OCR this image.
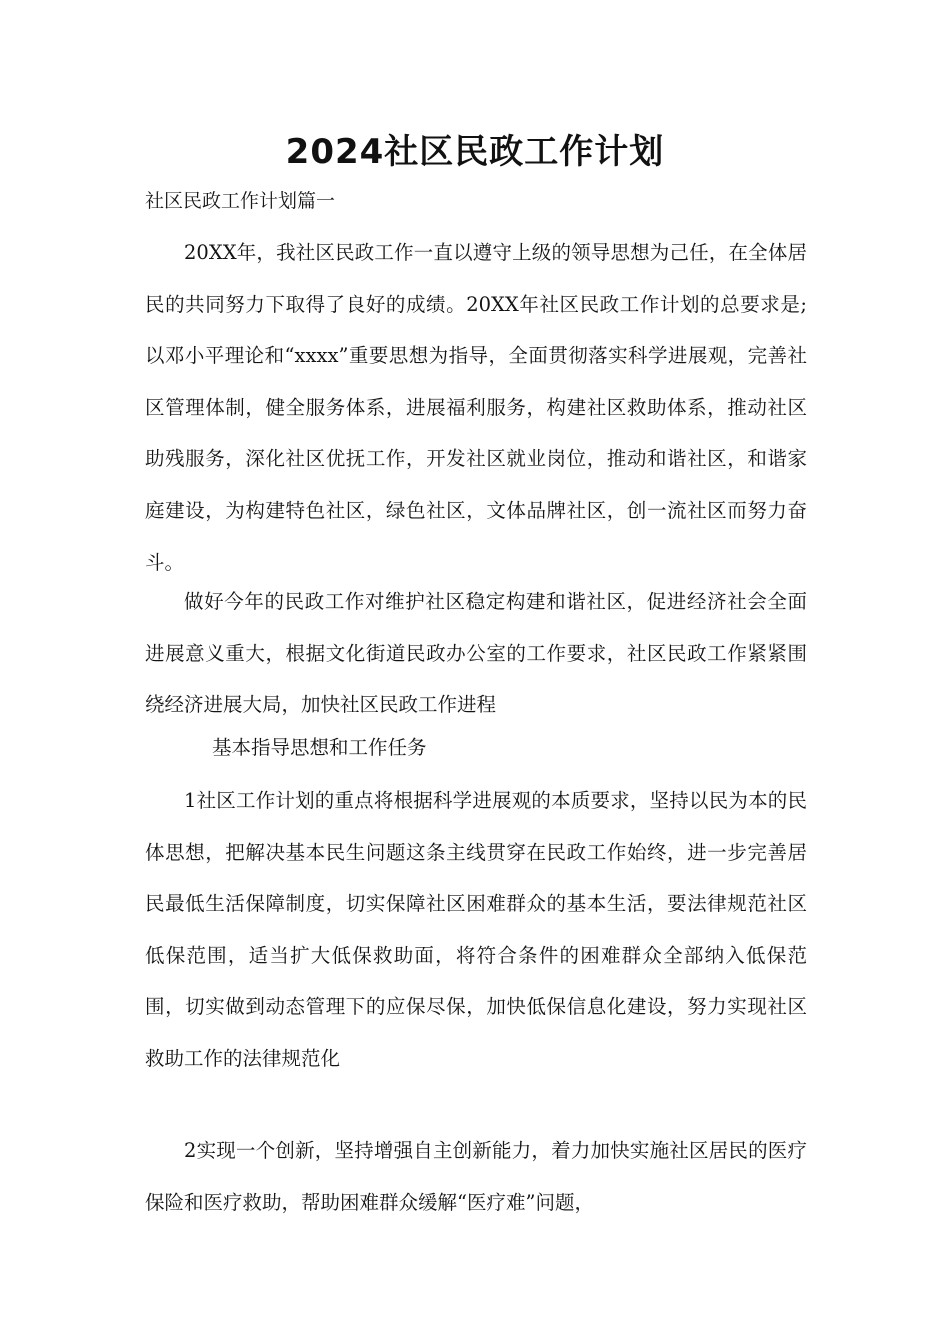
2024社区民政工作计划
社区民政工作计划篇一

20XX年，我社区民政工作一直以遵守上级的领导思想为己任，在全体居民的共同努力下取得了良好的成绩。20XX年社区民政工作计划的总要求是;以邓小平理论和“xxxx”重要思想为指导，全面贯彻落实科学进展观，完善社区管理体制，健全服务体系，进展福利服务，构建社区救助体系，推动社区助残服务，深化社区优抚工作，开发社区就业岗位，推动和谐社区，和谐家庭建设，为构建特色社区，绿色社区，文体品牌社区，创一流社区而努力奋斗。

做好今年的民政工作对维护社区稳定构建和谐社区，促进经济社会全面进展意义重大，根据文化街道民政办公室的工作要求，社区民政工作紧紧围绕经济进展大局，加快社区民政工作进程

基本指导思想和工作任务

1社区工作计划的重点将根据科学进展观的本质要求，坚持以民为本的民体思想，把解决基本民生问题这条主线贯穿在民政工作始终，进一步完善居民最低生活保障制度，切实保障社区困难群众的基本生活，要法律规范社区低保范围，适当扩大低保救助面，将符合条件的困难群众全部纳入低保范围，切实做到动态管理下的应保尽保，加快低保信息化建设，努力实现社区救助工作的法律规范化

2实现一个创新，坚持增强自主创新能力，着力加快实施社区居民的医疗保险和医疗救助，帮助困难群众缓解“医疗难”问题，
